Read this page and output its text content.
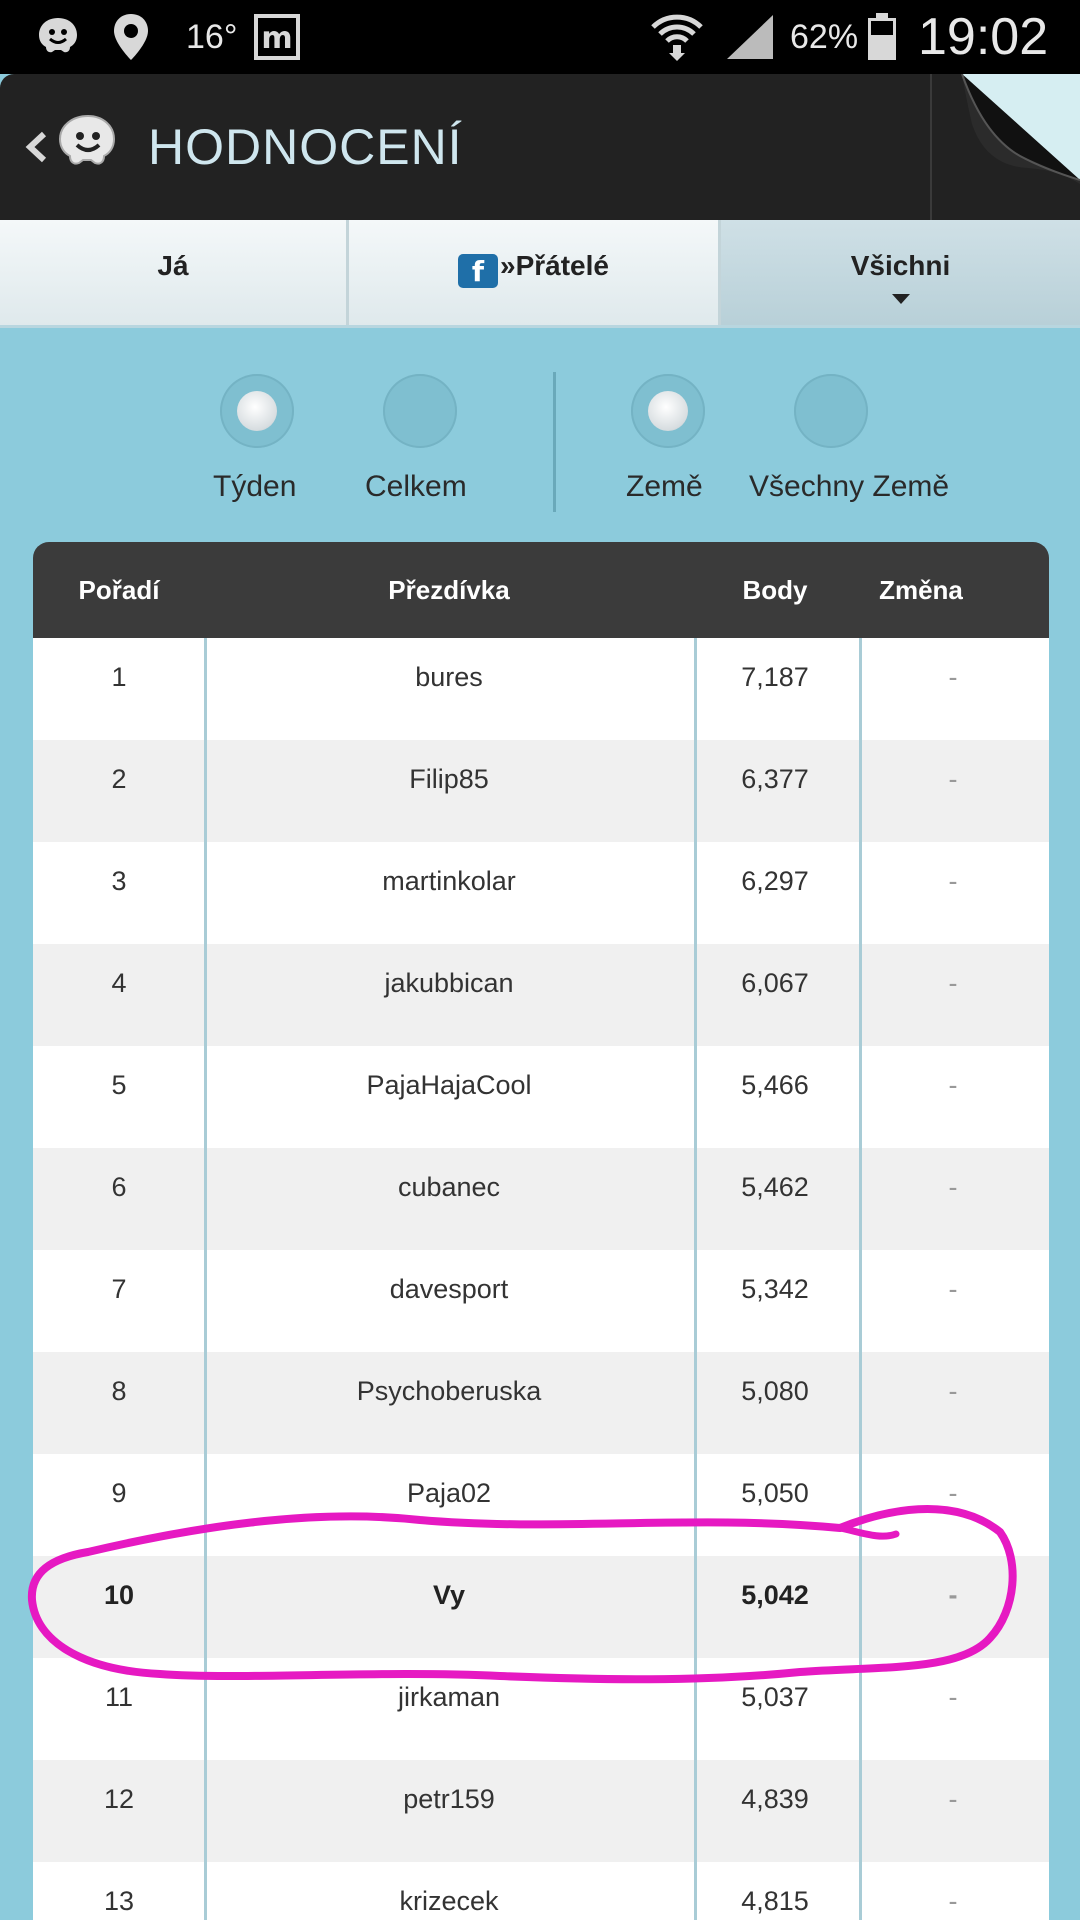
16° m	62% 19:02
HODNOCENÍ
Já	f »Přátelé	Všichni
Týden Celkem	Země Všechny Země
Pořadí	Přezdívka	Body	Změna
1	bures	7,187	-
2	Filip85	6,377	-
3	martinkolar	6,297	-
4	jakubbican	6,067	-
5	PajaHajaCool	5,466	-
6	cubanec	5,462	-
7	davesport	5,342	-
8	Psychoberuska	5,080	-
9	Paja02	5,050	-
10	Vy	5,042	-
11	jirkaman	5,037	-
12	petr159	4,839	-
13	krizecek	4,815	-
